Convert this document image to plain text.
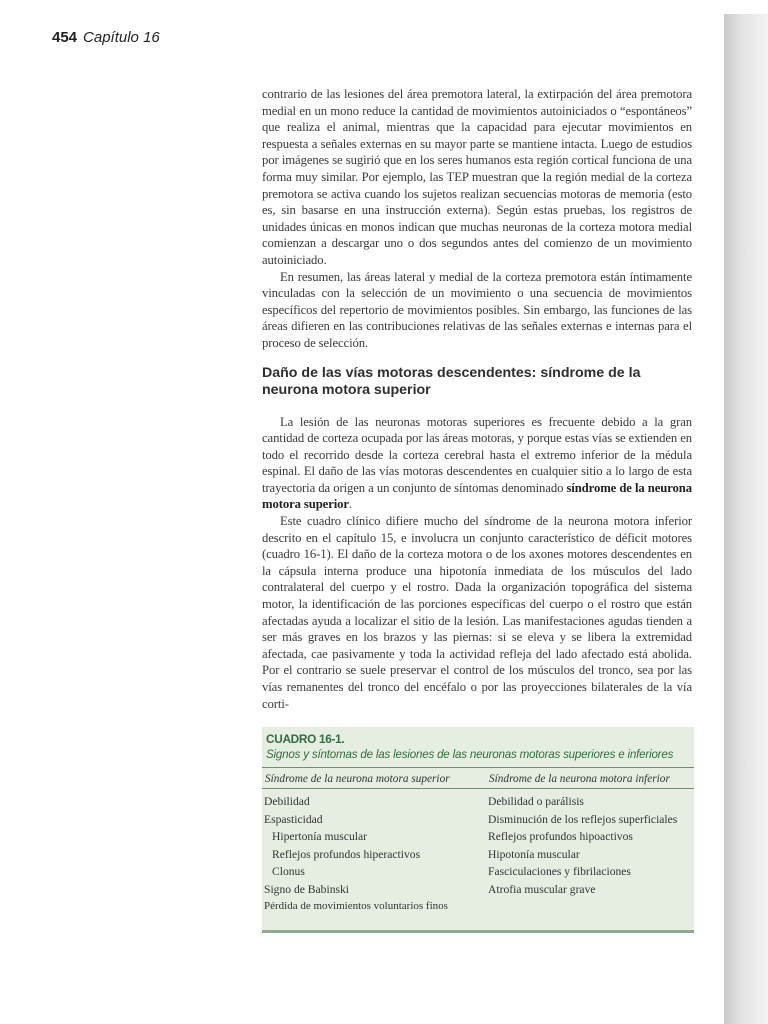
454 Capítulo 16

contrario de las lesiones del área premotora lateral, la extirpación del área premotora medial en un mono reduce la cantidad de movimientos autoiniciados o “espontáneos” que realiza el animal, mientras que la capacidad para ejecutar movimientos en respuesta a señales externas en su mayor parte se mantiene intacta. Luego de estudios por imágenes se sugirió que en los seres humanos esta región cortical funciona de una forma muy similar. Por ejemplo, las TEP muestran que la región medial de la corteza premotora se activa cuando los sujetos realizan secuencias motoras de memoria (esto es, sin basarse en una instrucción externa). Según estas pruebas, los registros de unidades únicas en monos indican que muchas neuronas de la corteza motora medial comienzan a descargar uno o dos segundos antes del comienzo de un movimiento autoiniciado.

En resumen, las áreas lateral y medial de la corteza premotora están íntimamente vinculadas con la selección de un movimiento o una secuencia de movimientos específicos del repertorio de movimientos posibles. Sin embargo, las funciones de las áreas difieren en las contribuciones relativas de las señales externas e internas para el proceso de selección.

Daño de las vías motoras descendentes: síndrome de la neurona motora superior

La lesión de las neuronas motoras superiores es frecuente debido a la gran cantidad de corteza ocupada por las áreas motoras, y porque estas vías se extienden en todo el recorrido desde la corteza cerebral hasta el extremo inferior de la médula espinal. El daño de las vías motoras descendentes en cualquier sitio a lo largo de esta trayectoria da origen a un conjunto de síntomas denominado síndrome de la neurona motora superior.

Este cuadro clínico difiere mucho del síndrome de la neurona motora inferior descrito en el capítulo 15, e involucra un conjunto característico de déficit motores (cuadro 16-1). El daño de la corteza motora o de los axones motores descendentes en la cápsula interna produce una hipotonía inmediata de los músculos del lado contralateral del cuerpo y el rostro. Dada la organización topográfica del sistema motor, la identificación de las porciones específicas del cuerpo o el rostro que están afectadas ayuda a localizar el sitio de la lesión. Las manifestaciones agudas tienden a ser más graves en los brazos y las piernas: si se eleva y se libera la extremidad afectada, cae pasivamente y toda la actividad refleja del lado afectado está abolida. Por el contrario se suele preservar el control de los músculos del tronco, sea por las vías remanentes del tronco del encéfalo o por las proyecciones bilaterales de la vía corti-

CUADRO 16-1.
Signos y síntomas de las lesiones de las neuronas motoras superiores e inferiores
Síndrome de la neurona motora superior	Síndrome de la neurona motora inferior
Debilidad
Espasticidad
Hipertonía muscular
Reflejos profundos hiperactivos
Clonus
Signo de Babinski
Pérdida de movimientos voluntarios finos
Debilidad o parálisis
Disminución de los reflejos superficiales
Reflejos profundos hipoactivos
Hipotonía muscular
Fasciculaciones y fibrilaciones
Atrofia muscular grave
